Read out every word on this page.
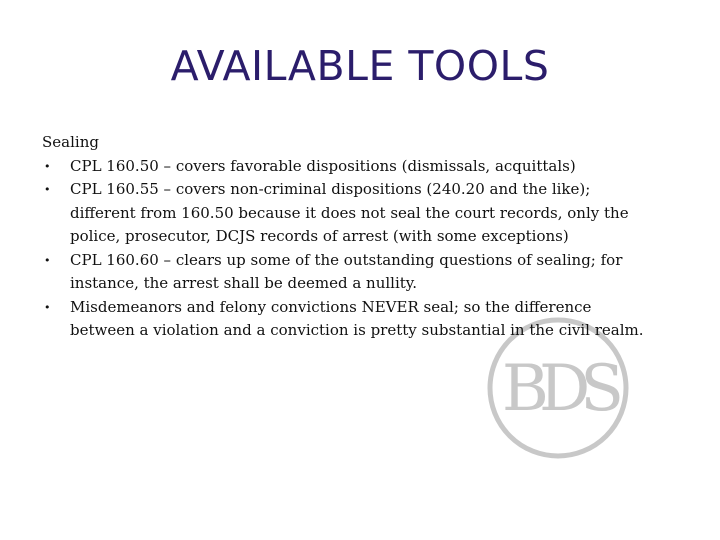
AVAILABLE TOOLS
BDS
Sealing
• CPL 160.50 – covers favorable dispositions (dismissals, acquittals)
• CPL 160.55 – covers non-criminal dispositions (240.20 and the like);
different from 160.50 because it does not seal the court records, only the
police, prosecutor, DCJS records of arrest (with some exceptions)
• CPL 160.60 – clears up some of the outstanding questions of sealing; for
instance, the arrest shall be deemed a nullity.
• Misdemeanors and felony convictions NEVER seal; so the difference
between a violation and a conviction is pretty substantial in the civil realm.
